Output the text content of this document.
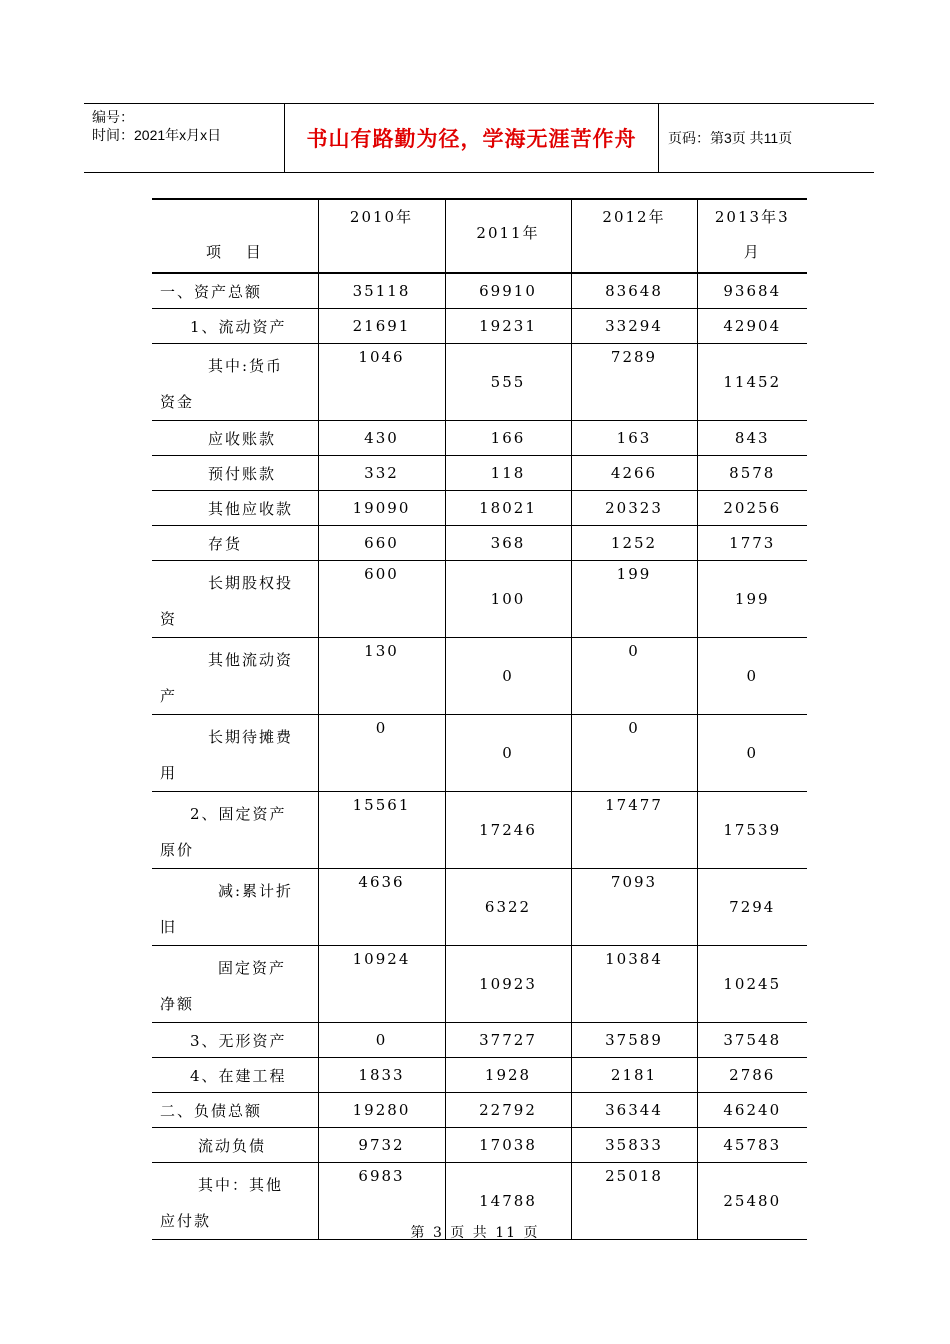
编号：
时间：2021年x月x日	书山有路勤为径，学海无涯苦作舟	页码：第3页 共11页
项 目	2010年	2011年	2012年	2013年3
月

一、资产总额	35118	69910	83648	93684
1、流动资产	21691	19231	33294	42904

其中:货币
资金	1046	555	7289	11452
应收账款	430	166	163	843
预付账款	332	118	4266	8578
其他应收款	19090	18021	20323	20256
存货	660	368	1252	1773

长期股权投
资	600	100	199	199

其他流动资
产	130	0	0	0

长期待摊费
用	0	0	0	0

2、固定资产
原价	15561	17246	17477	17539

减:累计折
旧	4636	6322	7093	7294

固定资产
净额	10924	10923	10384	10245
3、无形资产	0	37727	37589	37548
4、在建工程	1833	1928	2181	2786
二、负债总额	19280	22792	36344	46240
流动负债	9732	17038	35833	45783

其中：其他
应付款	6983	14788	25018	25480
第 3 页 共 11 页
